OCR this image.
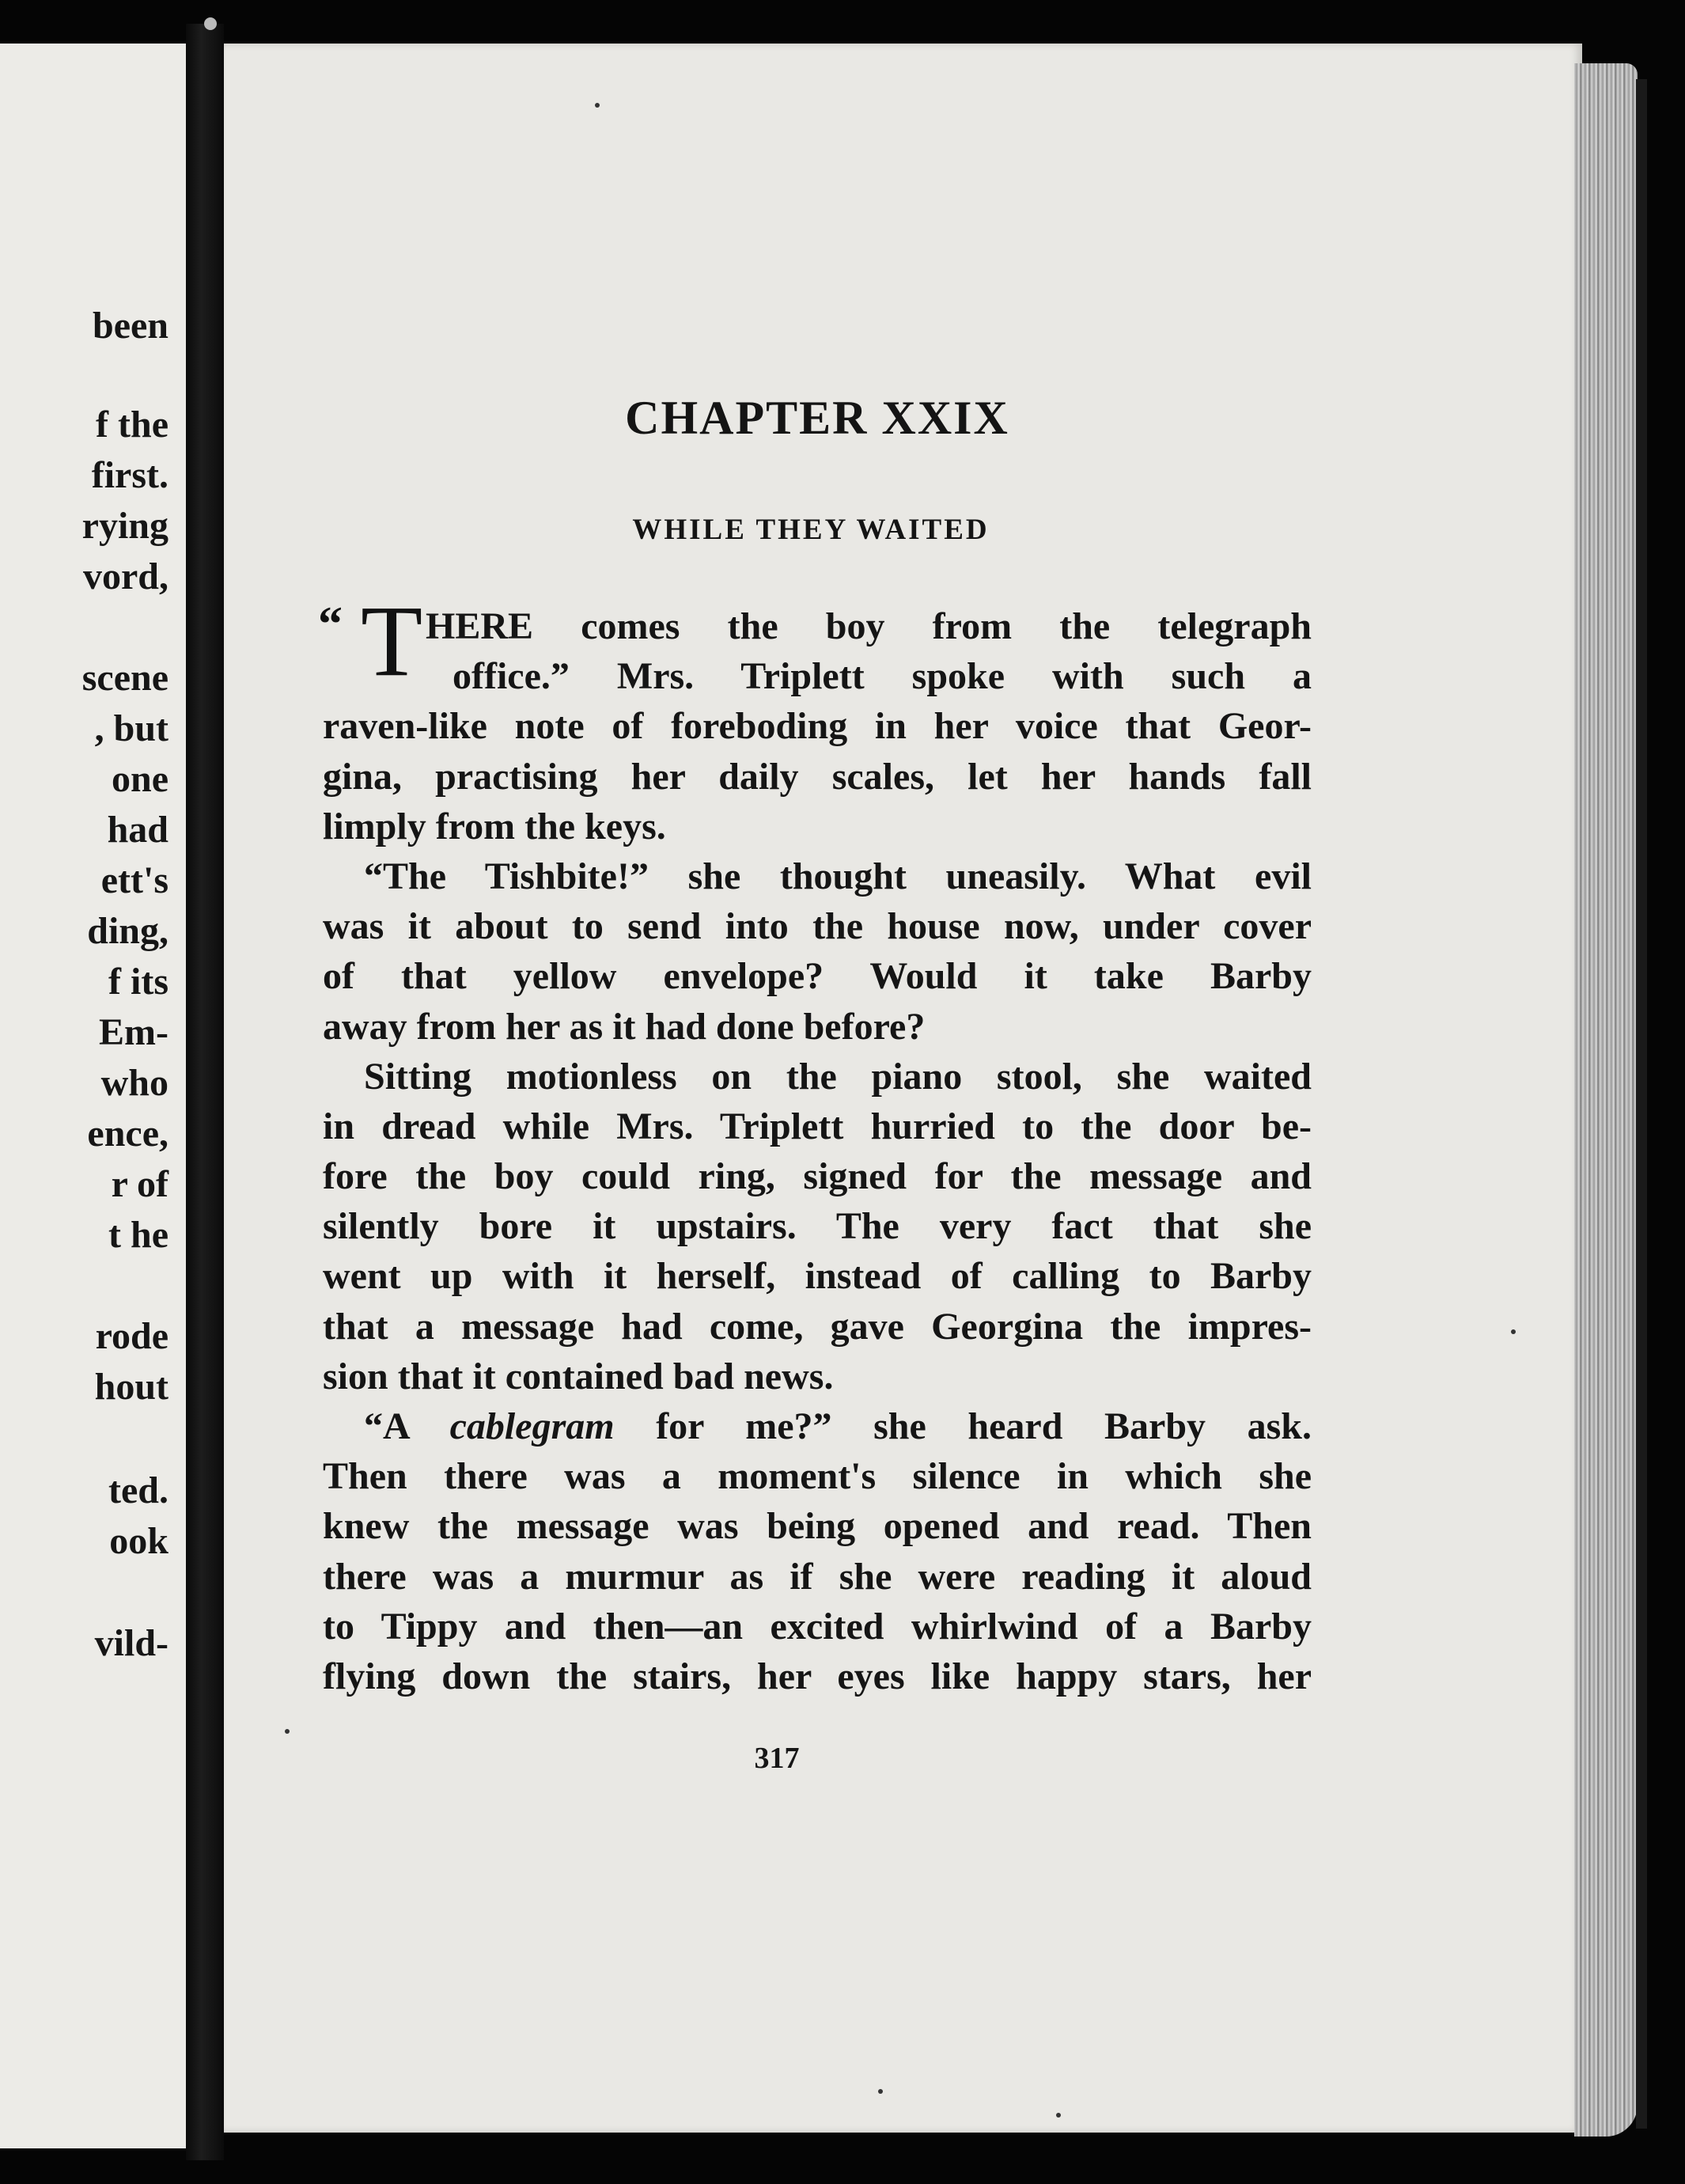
been
f the
first.
rying
vord,
scene
, but
one
had
ett's
ding,
f its
Em-
who
ence,
r of
t he
rode
hout
ted.
ook
vild-
CHAPTER XXIX
WHILE THEY WAITED
“ T HERE comes the boy from the telegraph
office.” Mrs. Triplett spoke with such a
raven-like note of foreboding in her voice that Geor-
gina, practising her daily scales, let her hands fall
limply from the keys.
“The Tishbite!” she thought uneasily. What evil
was it about to send into the house now, under cover
of that yellow envelope? Would it take Barby
away from her as it had done before?
Sitting motionless on the piano stool, she waited
in dread while Mrs. Triplett hurried to the door be-
fore the boy could ring, signed for the message and
silently bore it upstairs. The very fact that she
went up with it herself, instead of calling to Barby
that a message had come, gave Georgina the impres-
sion that it contained bad news.
“A cablegram for me?” she heard Barby ask.
Then there was a moment's silence in which she
knew the message was being opened and read. Then
there was a murmur as if she were reading it aloud
to Tippy and then—an excited whirlwind of a Barby
flying down the stairs, her eyes like happy stars, her
317
